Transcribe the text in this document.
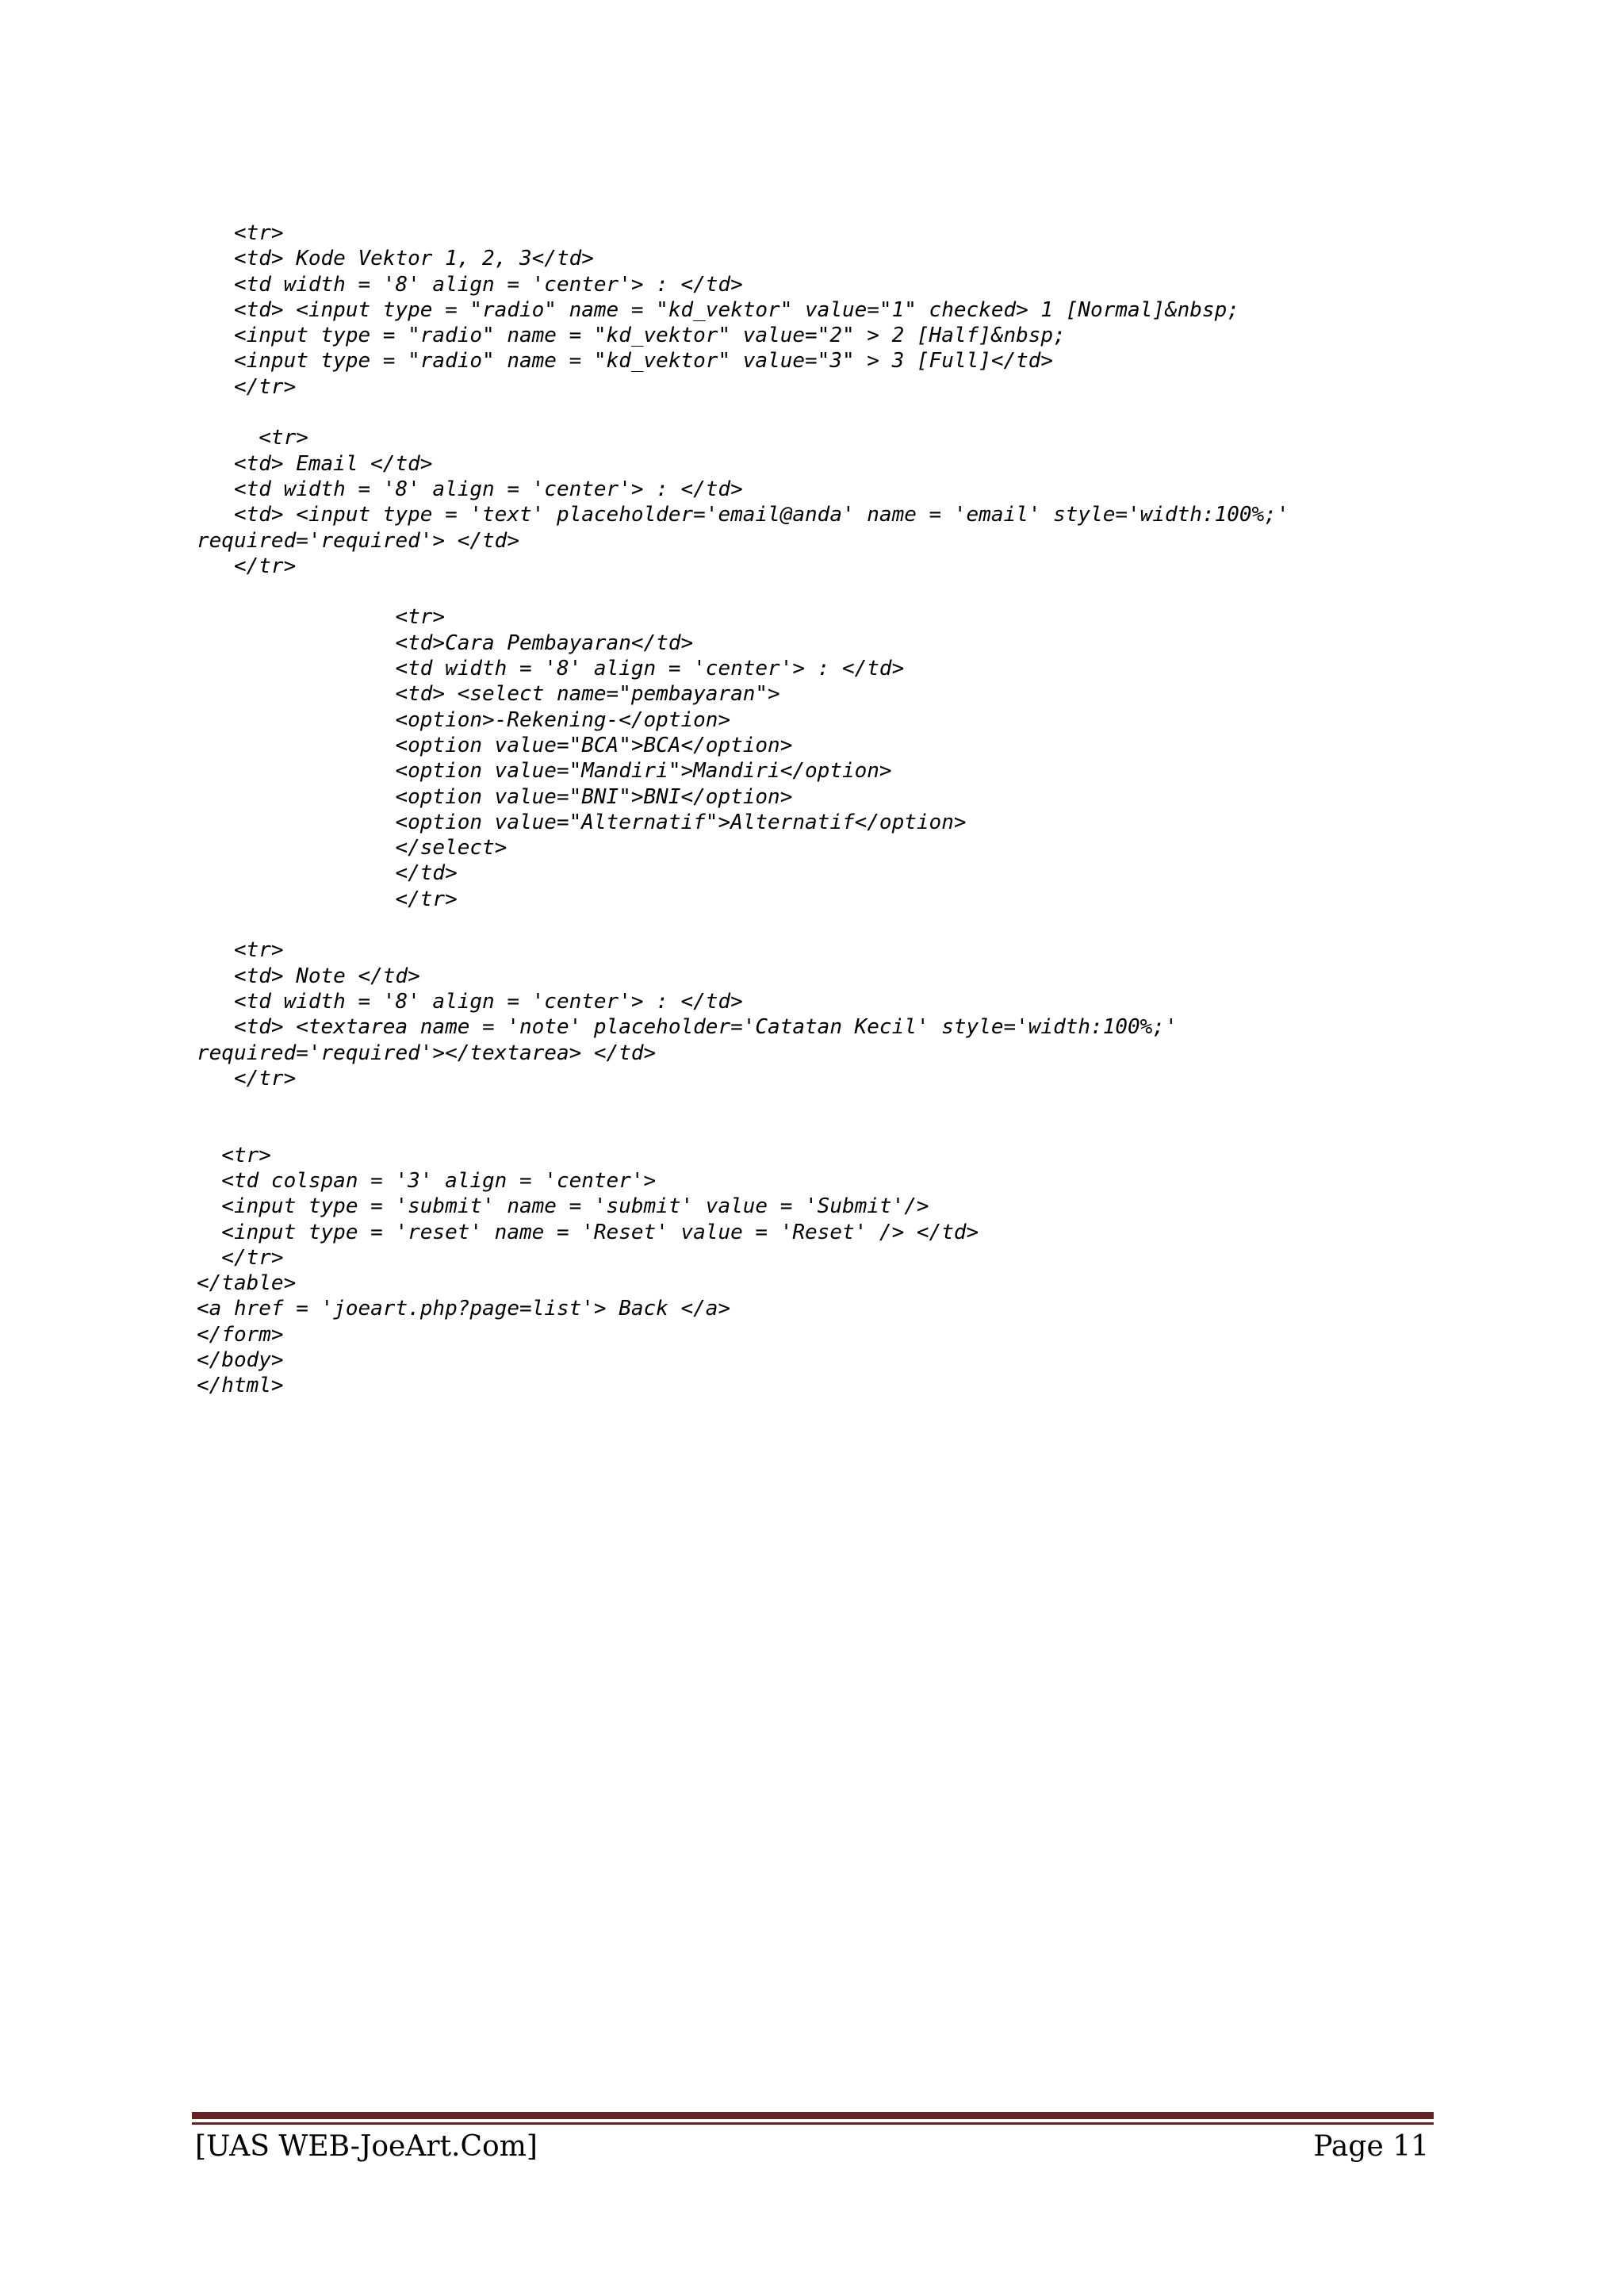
<tr>
<td> Kode Vektor 1, 2, 3</td>
<td width = '8' align = 'center'> : </td>
<td> <input type = "radio" name = "kd_vektor" value="1" checked> 1 [Normal]&nbsp;
<input type = "radio" name = "kd_vektor" value="2" > 2 [Half]&nbsp;
<input type = "radio" name = "kd_vektor" value="3" > 3 [Full]</td>
</tr>
<tr>
<td> Email </td>
<td width = '8' align = 'center'> : </td>
<td> <input type = 'text' placeholder='email@anda' name = 'email' style='width:100%;'
required='required'> </td>
</tr>
<tr>
<td>Cara Pembayaran</td>
<td width = '8' align = 'center'> : </td>
<td> <select name="pembayaran">
<option>-Rekening-</option>
<option value="BCA">BCA</option>
<option value="Mandiri">Mandiri</option>
<option value="BNI">BNI</option>
<option value="Alternatif">Alternatif</option>
</select>
</td>
</tr>
<tr>
<td> Note </td>
<td width = '8' align = 'center'> : </td>
<td> <textarea name = 'note' placeholder='Catatan Kecil' style='width:100%;'
required='required'></textarea> </td>
</tr>
<tr>
<td colspan = '3' align = 'center'>
<input type = 'submit' name = 'submit' value = 'Submit'/>
<input type = 'reset' name = 'Reset' value = 'Reset' /> </td>
</tr>
</table>
<a href = 'joeart.php?page=list'> Back </a>
</form>
</body>
</html>
[UAS WEB-JoeArt.Com]	Page 11
